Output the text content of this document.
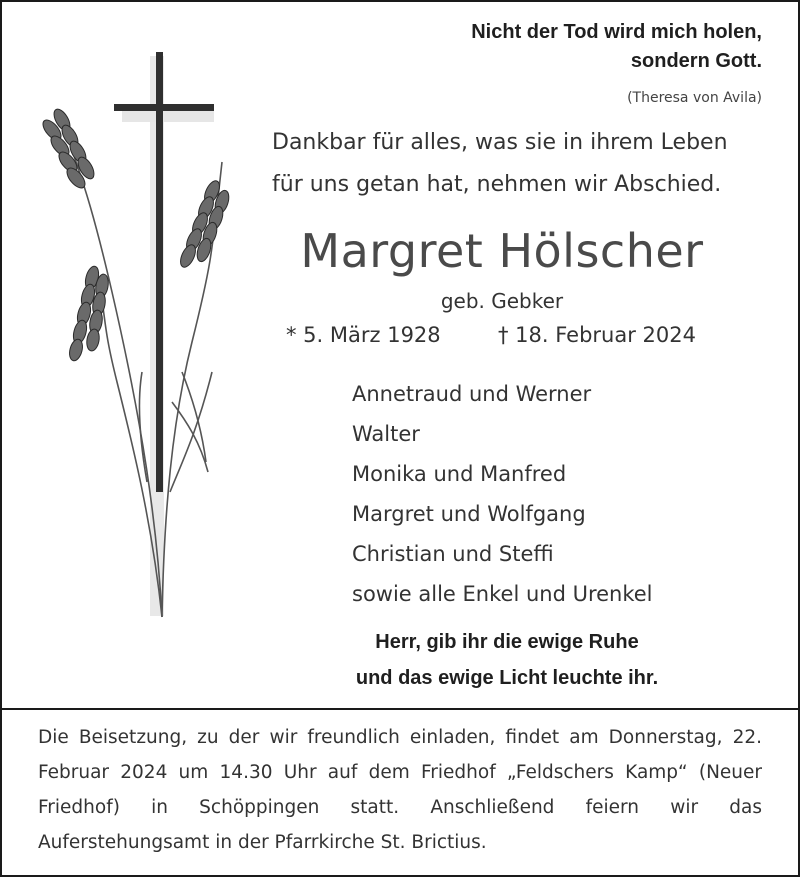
Nicht der Tod wird mich holen,
sondern Gott.
(Theresa von Avila)
Dankbar für alles, was sie in ihrem Leben
für uns getan hat, nehmen wir Abschied.
Margret Hölscher
geb. Gebker
* 5. März 1928	† 18. Februar 2024
Annetraud und Werner
Walter
Monika und Manfred
Margret und Wolfgang
Christian und Steffi
sowie alle Enkel und Urenkel
Herr, gib ihr die ewige Ruhe
und das ewige Licht leuchte ihr.

Die Beisetzung, zu der wir freundlich einladen, findet am Donnerstag, 22. Februar 2024 um 14.30 Uhr auf dem Friedhof „Feldschers Kamp“ (Neuer Friedhof) in Schöppingen statt. Anschließend feiern wir das Auferstehungsamt in der Pfarrkirche St. Brictius.
